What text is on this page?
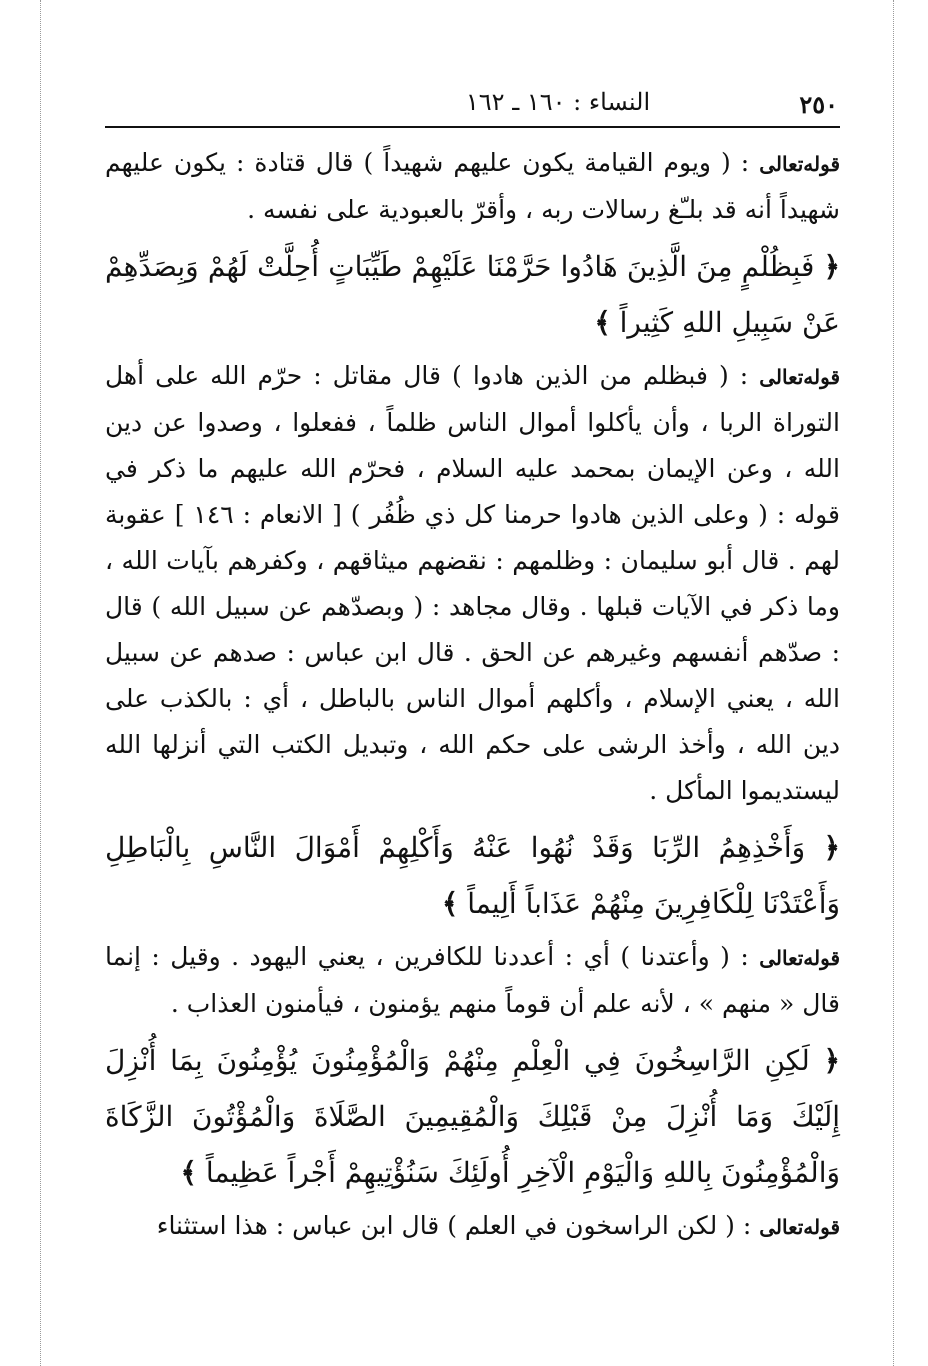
النساء : ١٦٠ ـ ١٦٢	٢٥٠

قوله‌تعالى : ( ويوم القيامة يكون عليهم شهيداً ) قال قتادة : يكون عليهم شهيداً أنه قد بلـّغ رسالات ربه ، وأقرّ بالعبودية على نفسه .

﴿ فَبِظُلْمٍ مِنَ الَّذِينَ هَادُوا حَرَّمْنَا عَلَيْهِمْ طَيِّبَاتٍ أُحِلَّتْ لَهُمْ وَبِصَدِّهِمْ عَنْ سَبِيلِ اللهِ كَثِيراً ﴾

قوله‌تعالى : ( فبظلم من الذين هادوا ) قال مقاتل : حرّم الله على أهل التوراة الربا ، وأن يأكلوا أموال الناس ظلماً ، ففعلوا ، وصدوا عن دين الله ، وعن الإيمان بمحمد عليه السلام ، فحرّم الله عليهم ما ذكر في قوله : ( وعلى الذين هادوا حرمنا كل ذي ظُفُر ) [ الانعام : ١٤٦ ] عقوبة لهم . قال أبو سليمان : وظلمهم : نقضهم ميثاقهم ، وكفرهم بآيات الله ، وما ذكر في الآيات قبلها . وقال مجاهد : ( وبصدّهم عن سبيل الله ) قال : صدّهم أنفسهم وغيرهم عن الحق . قال ابن عباس : صدهم عن سبيل الله ، يعني الإسلام ، وأكلهم أموال الناس بالباطل ، أي : بالكذب على دين الله ، وأخذ الرشى على حكم الله ، وتبديل الكتب التي أنزلها الله ليستديموا المأكل .

﴿ وَأَخْذِهِمُ الرِّبَا وَقَدْ نُهُوا عَنْهُ وَأَكْلِهِمْ أَمْوَالَ النَّاسِ بِالْبَاطِلِ وَأَعْتَدْنَا لِلْكَافِرِينَ مِنْهُمْ عَذَاباً أَلِيماً ﴾

قوله‌تعالى : ( وأعتدنا ) أي : أعددنا للكافرين ، يعني اليهود . وقيل : إنما قال « منهم » ، لأنه علم أن قوماً منهم يؤمنون ، فيأمنون العذاب .

﴿ لَكِنِ الرَّاسِخُونَ فِي الْعِلْمِ مِنْهُمْ وَالْمُؤْمِنُونَ يُؤْمِنُونَ بِمَا أُنْزِلَ إِلَيْكَ وَمَا أُنْزِلَ مِنْ قَبْلِكَ وَالْمُقِيمِينَ الصَّلَاةَ وَالْمُؤْتُونَ الزَّكَاةَ وَالْمُؤْمِنُونَ بِاللهِ وَالْيَوْمِ الْآخِرِ أُولَئِكَ سَنُؤْتِيهِمْ أَجْراً عَظِيماً ﴾

قوله‌تعالى : ( لكن الراسخون في العلم ) قال ابن عباس : هذا استثناء
